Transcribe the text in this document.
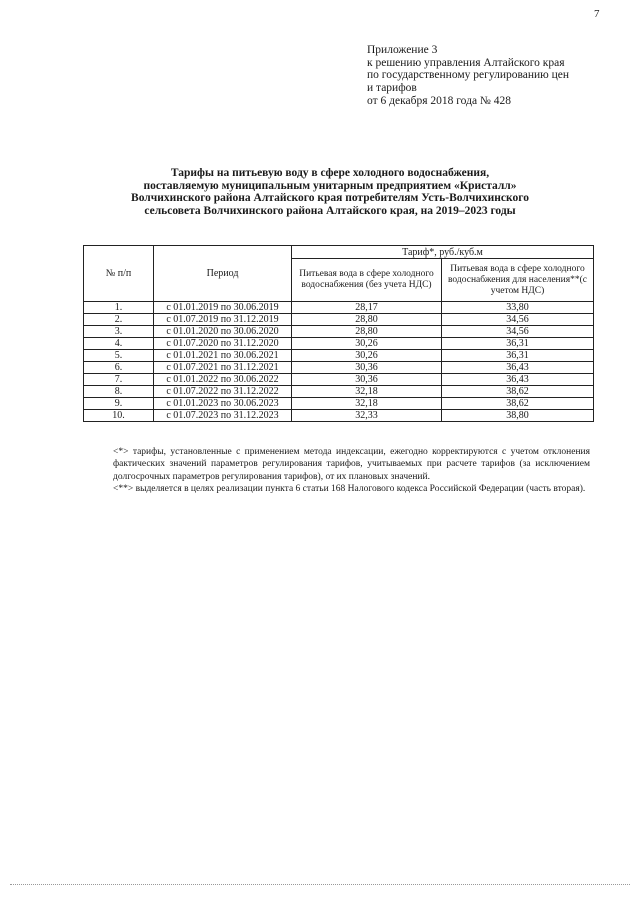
7
Приложение 3
к решению управления Алтайского края
по государственному регулированию цен
и тарифов
от 6 декабря 2018 года № 428
Тарифы на питьевую воду в сфере холодного водоснабжения,
поставляемую муниципальным унитарным предприятием «Кристалл»
Волчихинского района Алтайского края потребителям Усть-Волчихинского
сельсовета Волчихинского района Алтайского края, на 2019–2023 годы
№ п/п	Период	Тариф*, руб./куб.м	
		Питьевая вода в сфере холодного водоснабжения (без учета НДС)	Питьевая вода в сфере холодного водоснабжения для населения**(с учетом НДС)
1.	с 01.01.2019 по 30.06.2019	28,17	33,80
2.	с 01.07.2019 по 31.12.2019	28,80	34,56
3.	с 01.01.2020 по 30.06.2020	28,80	34,56
4.	с 01.07.2020 по 31.12.2020	30,26	36,31
5.	с 01.01.2021 по 30.06.2021	30,26	36,31
6.	с 01.07.2021 по 31.12.2021	30,36	36,43
7.	с 01.01.2022 по 30.06.2022	30,36	36,43
8.	с 01.07.2022 по 31.12.2022	32,18	38,62
9.	с 01.01.2023 по 30.06.2023	32,18	38,62
10.	с 01.07.2023 по 31.12.2023	32,33	38,80

<*> тарифы, установленные с применением метода индексации, ежегодно корректируются с учетом отклонения фактических значений параметров регулирования тарифов, учитываемых при расчете тарифов (за исключением долгосрочных параметров регулирования тарифов), от их плановых значений.

<**> выделяется в целях реализации пункта 6 статьи 168 Налогового кодекса Российской Федерации (часть вторая).
